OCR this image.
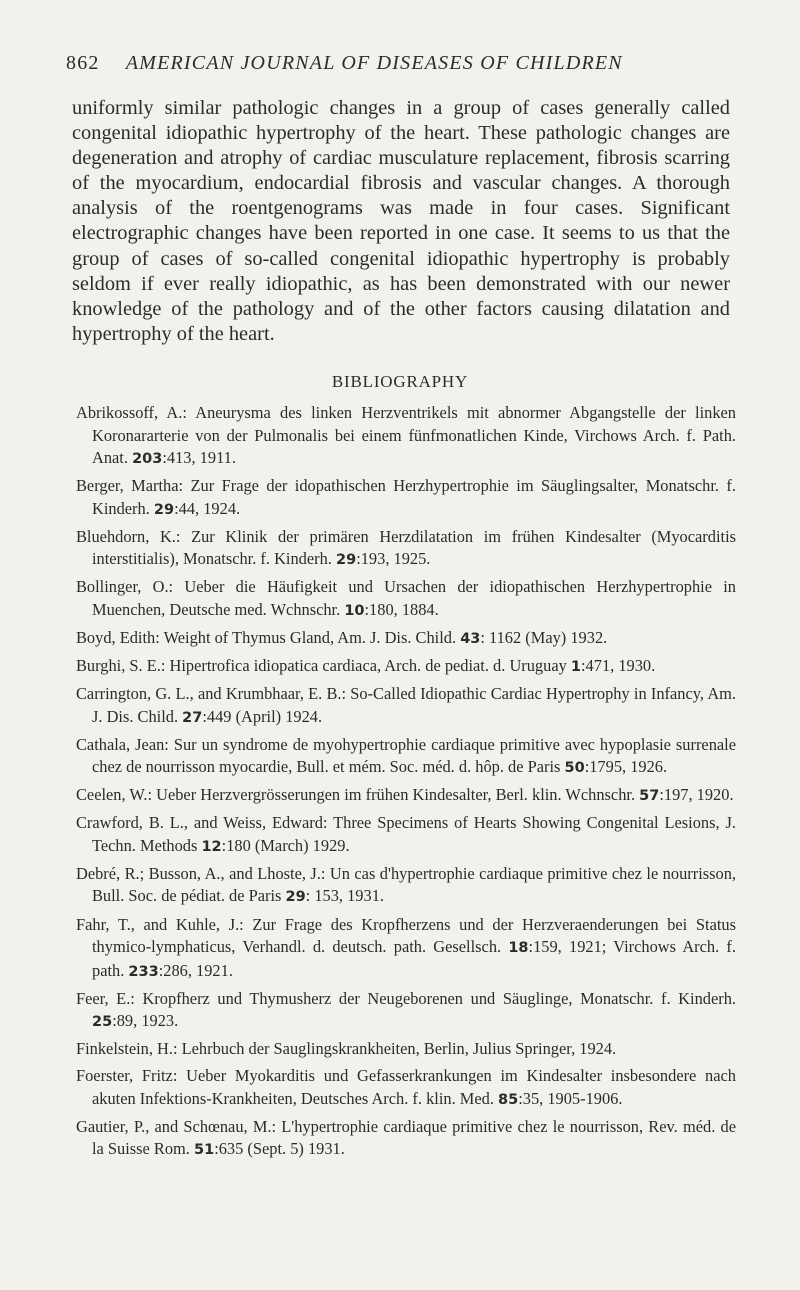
862 AMERICAN JOURNAL OF DISEASES OF CHILDREN

uniformly similar pathologic changes in a group of cases generally called congenital idiopathic hypertrophy of the heart. These pathologic changes are degeneration and atrophy of cardiac musculature replacement, fibrosis scarring of the myocardium, endocardial fibrosis and vascular changes. A thorough analysis of the roentgenograms was made in four cases. Significant electrographic changes have been reported in one case. It seems to us that the group of cases of so-called congenital idiopathic hypertrophy is probably seldom if ever really idiopathic, as has been demonstrated with our newer knowledge of the pathology and of the other factors causing dilatation and hypertrophy of the heart.

BIBLIOGRAPHY
Abrikossoff, A.: Aneurysma des linken Herzventrikels mit abnormer Abgangstelle der linken Koronararterie von der Pulmonalis bei einem fünfmonatlichen Kinde, Virchows Arch. f. Path. Anat. 203:413, 1911.
Berger, Martha: Zur Frage der idopathischen Herzhypertrophie im Säuglingsalter, Monatschr. f. Kinderh. 29:44, 1924.
Bluehdorn, K.: Zur Klinik der primären Herzdilatation im frühen Kindesalter (Myocarditis interstitialis), Monatschr. f. Kinderh. 29:193, 1925.
Bollinger, O.: Ueber die Häufigkeit und Ursachen der idiopathischen Herzhypertrophie in Muenchen, Deutsche med. Wchnschr. 10:180, 1884.
Boyd, Edith: Weight of Thymus Gland, Am. J. Dis. Child. 43: 1162 (May) 1932.
Burghi, S. E.: Hipertrofica idiopatica cardiaca, Arch. de pediat. d. Uruguay 1:471, 1930.
Carrington, G. L., and Krumbhaar, E. B.: So-Called Idiopathic Cardiac Hypertrophy in Infancy, Am. J. Dis. Child. 27:449 (April) 1924.
Cathala, Jean: Sur un syndrome de myohypertrophie cardiaque primitive avec hypoplasie surrenale chez de nourrisson myocardie, Bull. et mém. Soc. méd. d. hôp. de Paris 50:1795, 1926.
Ceelen, W.: Ueber Herzvergrösserungen im frühen Kindesalter, Berl. klin. Wchnschr. 57:197, 1920.
Crawford, B. L., and Weiss, Edward: Three Specimens of Hearts Showing Congenital Lesions, J. Techn. Methods 12:180 (March) 1929.
Debré, R.; Busson, A., and Lhoste, J.: Un cas d'hypertrophie cardiaque primitive chez le nourrisson, Bull. Soc. de pédiat. de Paris 29: 153, 1931.
Fahr, T., and Kuhle, J.: Zur Frage des Kropfherzens und der Herzveraenderungen bei Status thymico-lymphaticus, Verhandl. d. deutsch. path. Gesellsch. 18:159, 1921; Virchows Arch. f. path. 233:286, 1921.
Feer, E.: Kropfherz und Thymusherz der Neugeborenen und Säuglinge, Monatschr. f. Kinderh. 25:89, 1923.
Finkelstein, H.: Lehrbuch der Sauglingskrankheiten, Berlin, Julius Springer, 1924.
Foerster, Fritz: Ueber Myokarditis und Gefasserkrankungen im Kindesalter insbesondere nach akuten Infektions-Krankheiten, Deutsches Arch. f. klin. Med. 85:35, 1905-1906.
Gautier, P., and Schœnau, M.: L'hypertrophie cardiaque primitive chez le nourrisson, Rev. méd. de la Suisse Rom. 51:635 (Sept. 5) 1931.
